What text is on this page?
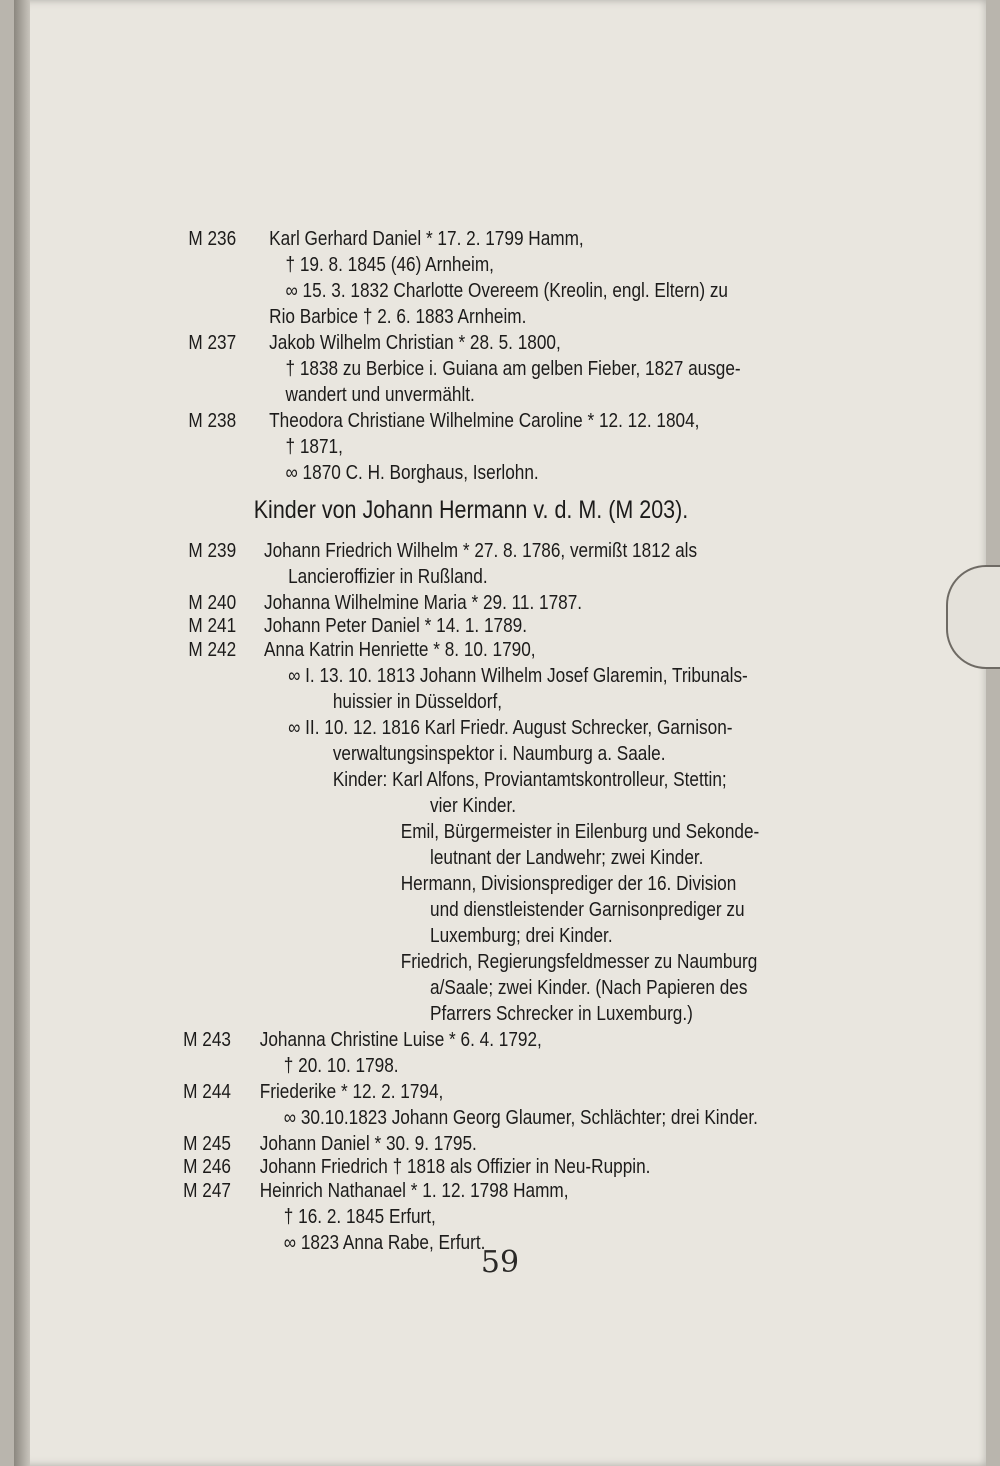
M 236 Karl Gerhard Daniel * 17. 2. 1799 Hamm,
† 19. 8. 1845 (46) Arnheim,
∞ 15. 3. 1832 Charlotte Overeem (Kreolin, engl. Eltern) zu
Rio Barbice † 2. 6. 1883 Arnheim.
M 237 Jakob Wilhelm Christian * 28. 5. 1800,
† 1838 zu Berbice i. Guiana am gelben Fieber, 1827 ausge-
wandert und unvermählt.
M 238 Theodora Christiane Wilhelmine Caroline * 12. 12. 1804,
† 1871,
∞ 1870 C. H. Borghaus, Iserlohn.
Kinder von Johann Hermann v. d. M. (M 203).
M 239 Johann Friedrich Wilhelm * 27. 8. 1786, vermißt 1812 als
Lancieroffizier in Rußland.
M 240 Johanna Wilhelmine Maria * 29. 11. 1787.
M 241 Johann Peter Daniel * 14. 1. 1789.
M 242 Anna Katrin Henriette * 8. 10. 1790,
∞ I. 13. 10. 1813 Johann Wilhelm Josef Glaremin, Tribunals-
huissier in Düsseldorf,
∞ II. 10. 12. 1816 Karl Friedr. August Schrecker, Garnison-
verwaltungsinspektor i. Naumburg a. Saale.
Kinder: Karl Alfons, Proviantamtskontrolleur, Stettin;
vier Kinder.
Emil, Bürgermeister in Eilenburg und Sekonde-
leutnant der Landwehr; zwei Kinder.
Hermann, Divisionsprediger der 16. Division
und dienstleistender Garnisonprediger zu
Luxemburg; drei Kinder.
Friedrich, Regierungsfeldmesser zu Naumburg
a/Saale; zwei Kinder. (Nach Papieren des
Pfarrers Schrecker in Luxemburg.)
M 243 Johanna Christine Luise * 6. 4. 1792,
† 20. 10. 1798.
M 244 Friederike * 12. 2. 1794,
∞ 30.10.1823 Johann Georg Glaumer, Schlächter; drei Kinder.
M 245 Johann Daniel * 30. 9. 1795.
M 246 Johann Friedrich † 1818 als Offizier in Neu-Ruppin.
M 247 Heinrich Nathanael * 1. 12. 1798 Hamm,
† 16. 2. 1845 Erfurt,
∞ 1823 Anna Rabe, Erfurt.
59
